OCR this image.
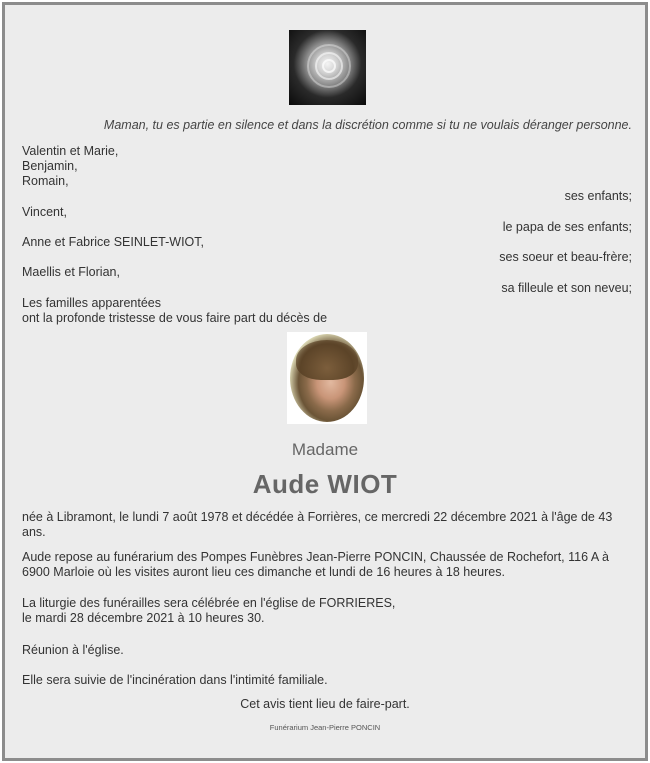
Maman, tu es partie en silence et dans la discrétion comme si tu ne voulais déranger personne.
Valentin et Marie,
Benjamin,
Romain,
ses enfants;
Vincent,
le papa de ses enfants;
Anne et Fabrice SEINLET-WIOT,
ses soeur et beau-frère;
Maellis et Florian,
sa filleule et son neveu;
Les familles apparentées
ont la profonde tristesse de vous faire part du décès de
Madame
Aude WIOT
née à Libramont, le lundi 7 août 1978 et décédée à Forrières, ce mercredi 22 décembre 2021 à l'âge de 43 ans.
Aude repose au funérarium des Pompes Funèbres Jean-Pierre PONCIN, Chaussée de Rochefort, 116 A à 6900 Marloie où les visites auront lieu ces dimanche et lundi de 16 heures à 18 heures.
La liturgie des funérailles sera célébrée en l'église de FORRIERES,
le mardi 28 décembre 2021 à 10 heures 30.
Réunion à l'église.
Elle sera suivie de l'incinération dans l'intimité familiale.
Cet avis tient lieu de faire-part.
Funérarium Jean-Pierre PONCIN
